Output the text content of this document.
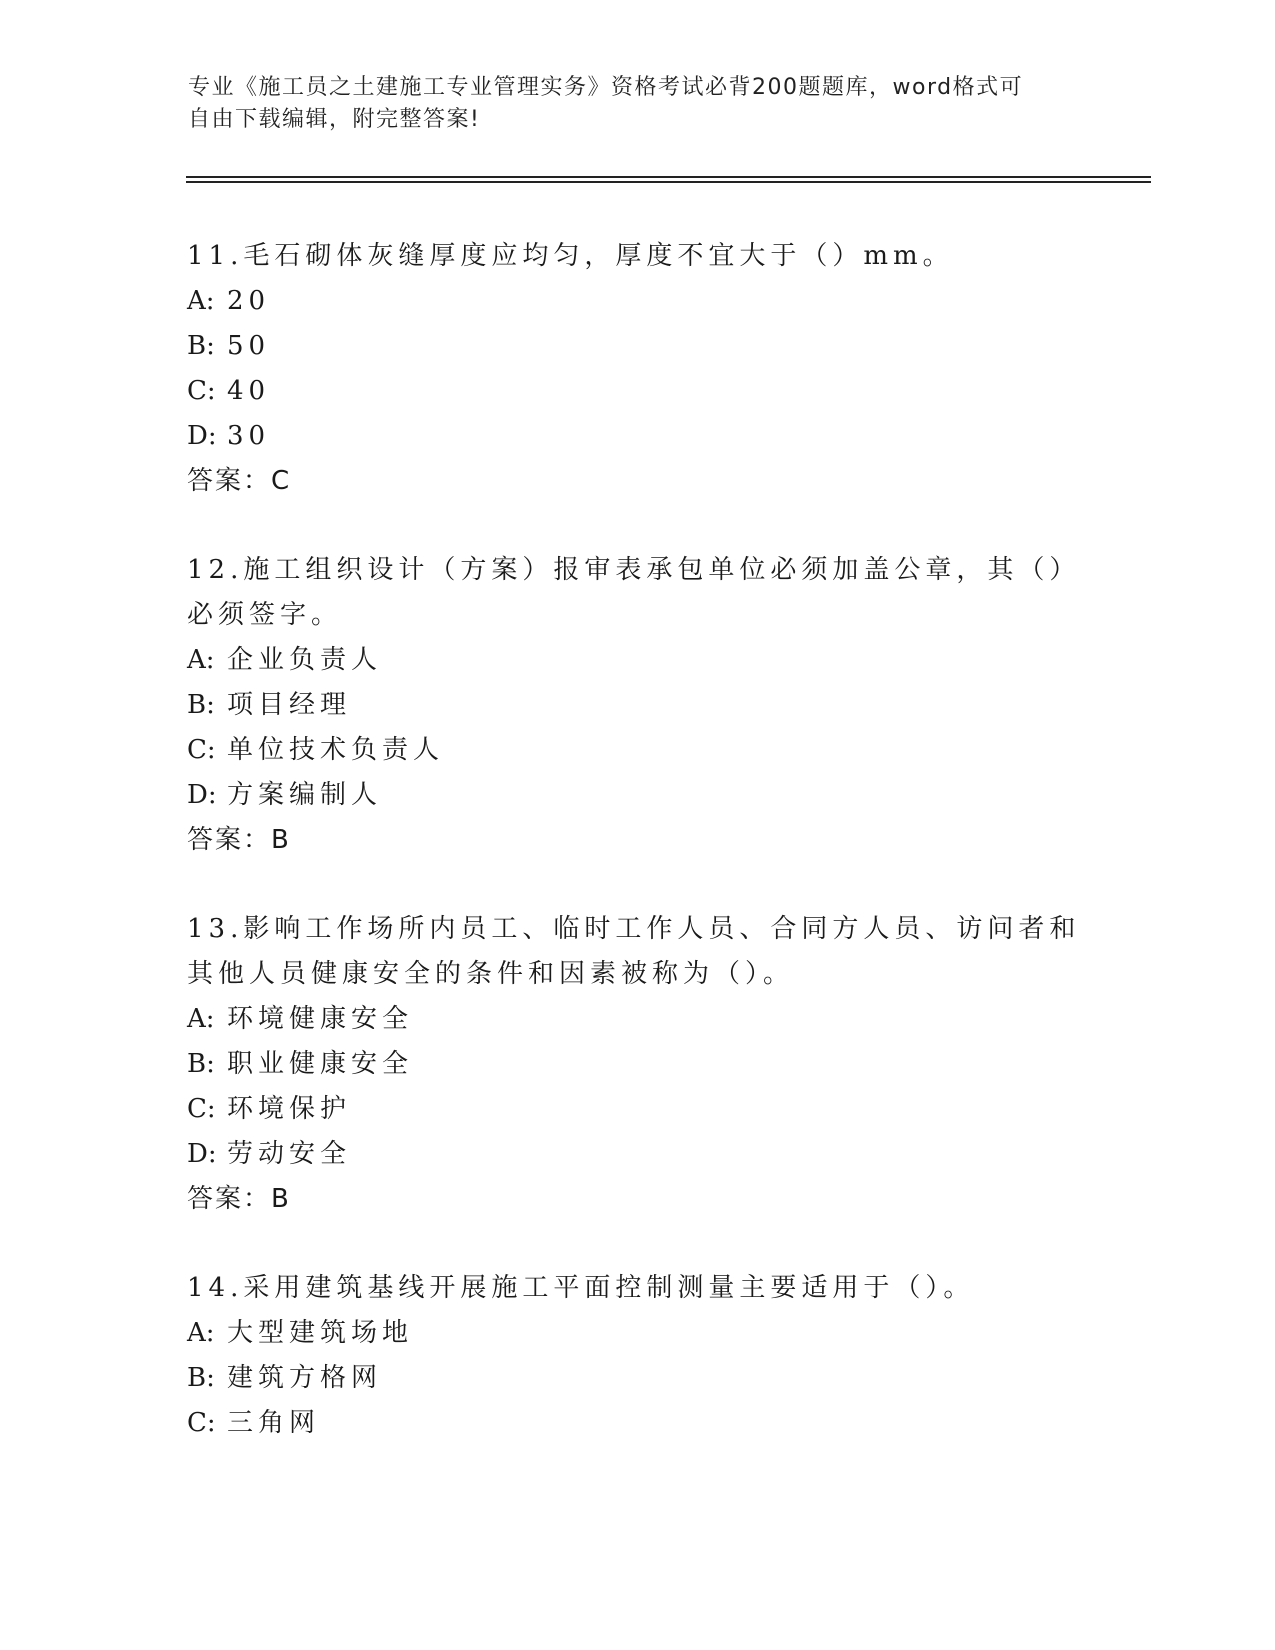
专业《施工员之土建施工专业管理实务》资格考试必背200题题库，word格式可
自由下载编辑，附完整答案!

11.毛石砌体灰缝厚度应均匀，厚度不宜大于（）mm。

A: 20

B: 50

C: 40

D: 30

答案：C

12.施工组织设计（方案）报审表承包单位必须加盖公章，其（）必须签字。

A: 企业负责人

B: 项目经理

C: 单位技术负责人

D: 方案编制人

答案：B

13.影响工作场所内员工、临时工作人员、合同方人员、访问者和其他人员健康安全的条件和因素被称为（）。

A: 环境健康安全

B: 职业健康安全

C: 环境保护

D: 劳动安全

答案：B

14.采用建筑基线开展施工平面控制测量主要适用于（）。

A: 大型建筑场地

B: 建筑方格网

C: 三角网
